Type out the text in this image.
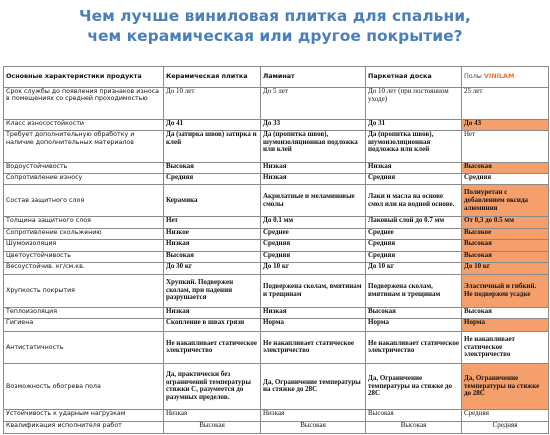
Чем лучше виниловая плитка для спальни,
чем керамическая или другое покрытие?
Основные характеристики продукта	Керамическая плитка	Ламинат	Паркетная доска	Полы VINILAM
Срок службы до появления признаков износа в помещениях со средней проходимостью	До 10 лет	До 5 лет	До 10 лет (при постоянном уходе)	25 лет
Класс износостойкости	До 41	До 33	До 31	До 43
Требует дополнительную обработку и наличие дополнительных материалов	Да (затирка швов) затирка и клей	Да (пропитка швов), шумоизоляционная подложка или клей	Да (пропитка швов), шумоизоляционная подложка или клей	Нет
Водоустойчивость	Высокая	Низкая	Низкая	Высокая
Сопротивление износу	Средняя	Низкая	Средняя	Средняя
Состав защитного слоя	Керамика	Акрилатные и меламиновые смолы	Лаки и масла на основе смол или на водной основе.	Полиуретан с добавлением оксида алюминия
Толщина защитного слоя	Нет	До 0.1 мм	Лаковый слой до 0.7 мм	От 0,3 до 0.5 мм
Сопротивление скольжению	Низкое	Среднее	Среднее	Высокое
Шумоизоляция	Низкая	Средняя	Средняя	Высокая
Цветоустойчивость	Высокая	Средняя	Средняя	Высокая
Весоустойчив. кг/см.кв.	До 30 кг	До 10 кг	До 10 кг	До 10 кг
Хрупкость покрытия	Хрупкий. Подвержен сколам, при падении разрушается	Подвержена сколам, вмятинам и трещинам	Подвержена сколам, вмятинам и трещинам	Эластичный и гибкий. Не подвержен усадке
Теплоизоляция	Низкая	Низкая	Высокая	Высокая
Гигиена	Скопление в швах грязи	Норма	Норма	Норма
Антистатичность	Не накапливает статическое электричество	Не накапливает статическое электричество	Не накапливает статическое электричество	Не накапливает статическое электричество
Возможность обогрева пола	Да, практически без ограничений температуры стяжки С, разумеется до разумных пределов.	Да, Ограничение температуры на стяжке до 28С	Да, Ограничение температуры на стяжке до 28С	Да, Ограничение температуры на стяжке до 28С
Устойчивость к ударным нагрузкам	Низкая	Низкая	Высокая	Средняя
Квалификация исполнителя работ	Высокая	Высокая	Высокая	Средняя
